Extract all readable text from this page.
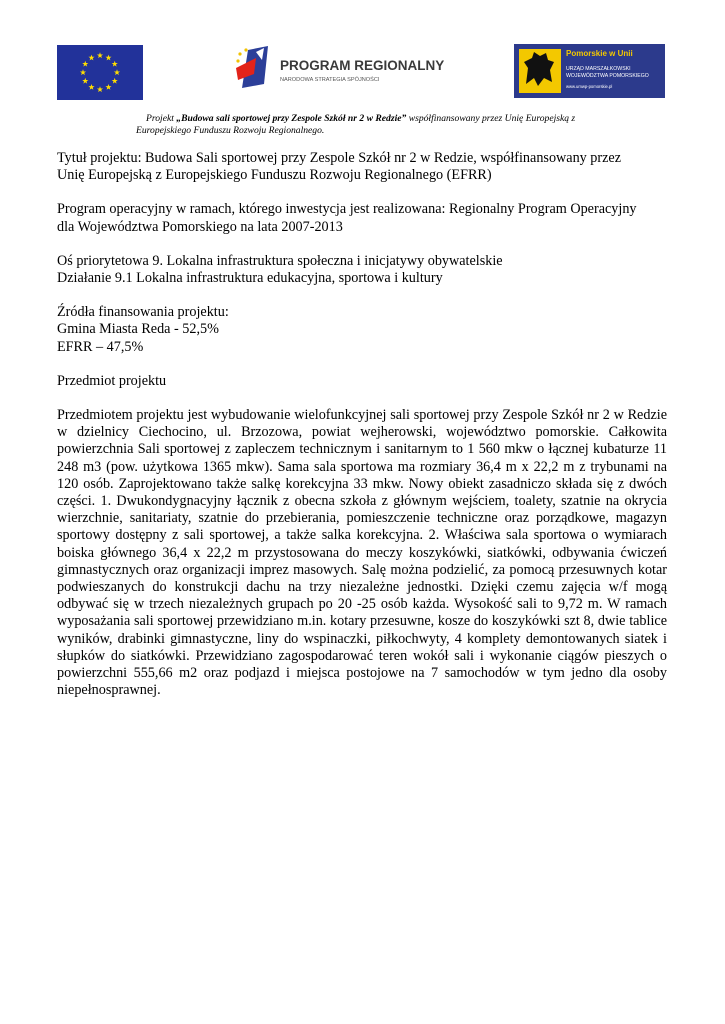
PROGRAM REGIONALNY
NARODOWA STRATEGIA SPÓJNOŚCI
Pomorskie w Unii
URZĄD MARSZAŁKOWSKI
WOJEWÓDZTWA POMORSKIEGO
www.umwp-pomorskie.pl
Projekt „Budowa sali sportowej przy Zespole Szkół nr 2 w Redzie” współfinansowany przez Unię Europejską z Europejskiego Funduszu Rozwoju Regionalnego.

Tytuł projektu: Budowa Sali sportowej przy Zespole Szkół nr 2 w Redzie, współfinansowany przez

Unię Europejską z Europejskiego Funduszu Rozwoju Regionalnego (EFRR)

Program operacyjny w ramach, którego inwestycja jest realizowana: Regionalny Program Operacyjny

dla Województwa Pomorskiego na lata 2007-2013

Oś priorytetowa 9. Lokalna infrastruktura społeczna i inicjatywy obywatelskie

Działanie 9.1 Lokalna infrastruktura edukacyjna, sportowa i kultury

Źródła finansowania projektu:

Gmina Miasta Reda - 52,5%

EFRR – 47,5%

Przedmiot projektu

Przedmiotem projektu jest wybudowanie wielofunkcyjnej sali sportowej przy Zespole Szkół nr 2 w Redzie w dzielnicy Ciechocino, ul. Brzozowa, powiat wejherowski, województwo pomorskie. Całkowita powierzchnia Sali sportowej z zapleczem technicznym i sanitarnym to 1 560 mkw o łącznej kubaturze 11 248 m3 (pow. użytkowa 1365 mkw). Sama sala sportowa ma rozmiary 36,4 m x 22,2 m z trybunami na 120 osób. Zaprojektowano także salkę korekcyjna 33 mkw. Nowy obiekt zasadniczo składa się z dwóch części. 1. Dwukondygnacyjny łącznik z obecna szkoła z głównym wejściem, toalety, szatnie na okrycia wierzchnie, sanitariaty, szatnie do przebierania, pomieszczenie techniczne oraz porządkowe, magazyn sportowy dostępny z sali sportowej, a także salka korekcyjna. 2. Właściwa sala sportowa o wymiarach boiska głównego 36,4 x 22,2 m przystosowana do meczy koszykówki, siatkówki, odbywania ćwiczeń gimnastycznych oraz organizacji imprez masowych. Salę można podzielić, za pomocą przesuwnych kotar podwieszanych do konstrukcji dachu na trzy niezależne jednostki. Dzięki czemu zajęcia w/f mogą odbywać się w trzech niezależnych grupach po 20 -25 osób każda. Wysokość sali to 9,72 m. W ramach wyposażania sali sportowej przewidziano m.in. kotary przesuwne, kosze do koszykówki szt 8, dwie tablice wyników, drabinki gimnastyczne, liny do wspinaczki, piłkochwyty, 4 komplety demontowanych siatek i słupków do siatkówki. Przewidziano zagospodarować teren wokół sali i wykonanie ciągów pieszych o powierzchni 555,66 m2 oraz podjazd i miejsca postojowe na 7 samochodów w tym jedno dla osoby niepełnosprawnej.
